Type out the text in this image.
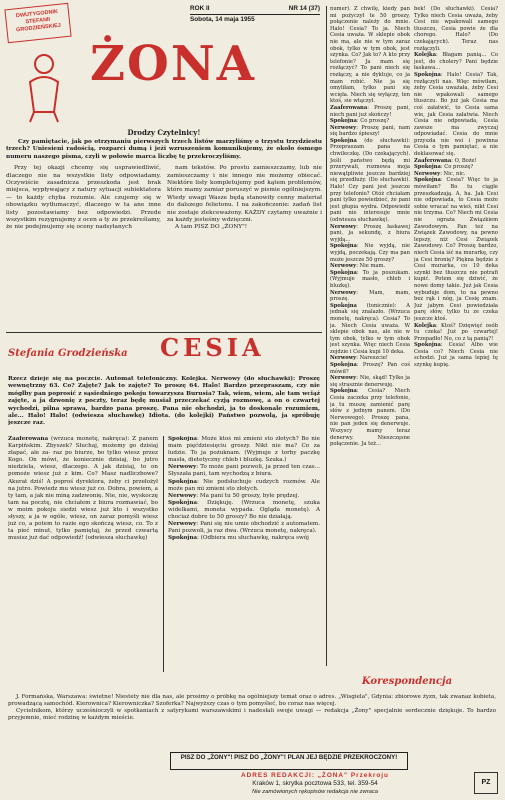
DWUTYGODNIK STEFANII GRODZIEŃSKIEJ
ŻONA
ROK II	NR 14 (37)
Sobota, 14 maja 1955
Drodzy Czytelnicy!

Czy pamiętacie, jak po otrzymaniu pierwszych trzech listów marzyliśmy o trzystu trzydziestu trzech? Uniesieni radością, rozparci dumą i jeżi wzruszeniem komunikujemy, że około ósmego numeru naszego pisma, czyli w połowie marca liczbę tę przekroczyliśmy.

Przy tej okazji chcemy się usprawiedliwić, dlaczego nie na wszystkie listy odpowiadamy. Oczywiście zasadnicza przeszkoda jest brak miejsca, wypływający z natury sytuacji subiektatora — to każdy chyba rozumie. Ale czujemy się w obowiązku wytłumaczyć, dlaczego w ta ane inne listy pozostawiamy bez odpowiedzi. Przede wszystkim rezygnujemy z ocen a ty ze przekreślamy, że nie podejmujemy się oceny nadsyłanych

nam tekstów. Po prostu zamieszczamy, lub nie zamieszczamy i nie innego nie możemy obiecać. Niektóre listy kompletujemy pod kątem problemów, które mamy zamiar poruszyć w pismie ogólniejszym. Wtedy uwagi Wasze będą stanowiły cenny materiał do dalszego felietonu. I na zakończenie: zadań list nie zostaje zlekceważony. KAŻDY czytamy uważnie i za każdy jesteśmy wdzięczni.

A tam PISZ DO „ŻONY"!

Stefania Grodzieńska CESIA
Rzecz dzieje się na poczcie. Automat telefoniczny. Kolejka. Nerwowy (do słuchawki): Proszę wewnętrzny 63. Co? Zajęte? Jak to zajęte? To proszę 64. Halo! Bardzo przepraszam, czy nie mógłby pan poprosić z sąsiedniego pokoju towarzysza Burusia? Tak, wiem, wiem, ale tam wciąż zajęte, a ja dzwonię z poczty, teraz będę musiał przeczekać cyzją rozmowę, a on o czwartej wychodzi, pilna sprawa, bardzo pana proszę. Pana nie obchodzi, ja to doskonale rozumiem, ale... Halo! Halo! (odwiesza słuchawkę) Idiota. (do kolejki) Państwo pozwolą, ja spróbuję jeszcze raz.

Zaaferowana (wrzuca monetę, nakręca): Z panem Karpińskim. Zbyszek? Słuchaj, możemy go dzisiaj złapać, ale za- raz po biurze, bo tylko wiesz przez Kogo. On mówi, że koniecznie dzisiaj, bo jutro niedziela, wiesz, dlaczego. A jak dzisiaj, to on pomoże wiesz już z kim. Co? Masz nadliczbowe? Akurat dziś! A poproś dyrektora, żeby ci przełożył na jutro. Powiedz mu wiesz już co. Dobra, powiem, a ty tam, a jak nie miną zadzwonię. Nie, nie, wyskoczę tam na pocztę, nie chciałem z biura rozmawiać, bo w moim pokoju siedzi wiesz już kto i wszystko słyszy, a ja w ogóle, wiesz, on zaraz pomyśli wiesz już co, a potem to razie ego skończą wiesz, co. To z ta pieć minut, tylko pamiętaj, że przed czwartą musisz już dać odpowiedź! (odwiesza słuchawkę)

Spokojna: Może ktoś mi zmieni sto złotych? Bo nie mam pięćdziesięciu groszy. Nikt nie ma? Co za ludzie. To ja pożuknam. (Wyjmuje z torby paczkę masła, dietetyczny chleb i bluzkę. Szuka.)

Nerwowy: To może pani pozwoli, ja przed ten czas... Słyszała pani, tam wychodzą z biura.

Spokojna: Nie podsłuchuje cudzych rozmów. Ale może pan mi zmieni sto złotych.

Nerwowy: Ma pani tu 50 groszy, byle prędzej.

Spokojna: Dziękuję. (Wrzuca monetę, szuka widelkami, moneta wypada. Ogląda monetę). A chociaż dobre to 50 groszy? Bo nie działają.

Nerwowy: Pani się nie umie obchodzić z automatem. Pani pozwoli, ja raz dwa. (Wrzuca monetę, nakręca).

Spokojna: (Odbiera mu słuchawkę, nakręca swój

numer). Z chwilę, kiedy pan mi pożyczył te 50 groszy, połączenie należy do mnie. Halo! Cesia? To ja. Niech Cesia uważa. W sklepie obok nie ma, ale nie w tym zaraz obok, tylko w tym obok, jest szynka. Co? Jak to? A kto przy telefonie? Ja mam się rozłączyć? To pani niech się rozłączy, a nie dyktuje, co ja mam robić. Nie ja się omyliłam, tylko pani się wcięła. Niech się wyłączy, ten ktoś, sie wtączył.

Zaaferowana: Proszę pani, niech pani już skończy!

Spokojna: Co proszę?

Nerwowy: Proszę pani, nam się bardzo śpieszy!

Spokojna (do słuchawki): Przepraszam pana na chwileczkę. (Do czekających). Jeśli państwo będą mi przerywali, rozmowa moja niewątpliwie jeszcze bardziej się przedłuży. (Do słuchawki). Halo! Czy pani jest jeszcze przy telefonie? Otóż chciałam pani tylko powiedzieć, że pani jest głupia wydra. Odpowiedź pani nie interesuje mnie (odwiesza słuchawkę).

Nerwowy: Proszę łaskawej pani, ja sekundę, z biura wyjdą...

Spokojna: Nie wyjdą, nie wyjdą, poczekają. Czy ma pan może jeszcze 50 groszy?

Nerwowy: Nie mam.

Spokojna: To ja poszukam. (Wyjmuje masło, chleb i bluzkę).

Nerwowy: Mam, mam, proszę.

Spokojna (tonicznie): A jednak się znalazło. (Wrzuca monetę, nakręca). Cesia? To ja. Niech Cesia uważa. W sklepie obok nas, ale nie w tym obok, tylko w tym obok jest szynka. Więc niech Cesia zejdzie i Cesia kupi 10 deka.

Nerwowy: Nareszcie!

Spokojna: Proszę? Pan coś mówił?

Nerwowy: Nie, skąd! Tylko ja się strasznie denerwuję.

Spokojna: Cesia? Niech Cesia zaczeka przy telefonie, ja tu muszę zamienić parę słów z jednym panem. (Do Nerwowego). Proszę pana, nie pan jeden się denerwuje. Wszyscy mamy teraz denerwy. Nieszczęsne połączenie. Ja też...

Korespondencja

J. Formańska, Warszawa: świetne! Niestety nie dla nas, ale prosimy o próbkę na ogólniejszy temat oraz o adres. „Wisgiela", Gdynia: zbiorowe żyzn, tak zwanaz kobieta, prowadzącą samochód. Kierownica? Kierowniczka? Szoferka? Najwyższy czas o tym pomyśleć, bo coraz nas więcej.

Cycielnikom, którzy ucześnioczyli w spotkaniach z satyrykami warszawskimi i nadesłali swoje uwagi — redakcja „Żony" specjalnie serdecznie dziękuje. To bardzo przyjemnie, mieć rodzinę w każdym mieście.

PISZ DO „ŻONY"! PISZ DO „ŻONY"! PLAN JEJ BĘDZIE PRZEKROCZONY!
ADRES REDAKCJI: „ŻONA" Przekroju
Kraków 1, skrytka pocztowa 533, tel. 359-54
Nie zamówionych rękopisów redakcja nie zwraca
PZ

bek! (Do słuchawki). Cesia? Tylko niech Cesia uważa, żeby Cesi nie wpakowali samego tłuszczu, Cesia powie że dla chorego. Halo? (Do czekających). Teraz nas rozłączyli.

Kolejka: Błagam panią... Co jest, do cholery? Pani będzie łaskawa...

Spokojna: Halo! Cesia? Tak, rozłączyli nas. Więc mówiłam, żeby Cesia uważała, żeby Cesi nie wpakowali samego tłuszczu. Bo już jak Cesia ma coś załatwić, to Cesia sama wie, jak Cesia załatwia. Niech Cesia nie odpowiada, Cesia zawsze ma zwyczaj odpowiadać. Cesia do mnie przyszła nie wsi i powinna Cesia o tym pamiętać, a nie deklasować się.

Zaaferowana: O, Boże!

Spokojna: Co proszę?

Nerwowy: Nic, nic.

Spokojna: Cesia? Więc to ja mówiłam? Bo tu ciągle przeszkadzają. A, ha. Jak Cesi nie odpowiada, to Cesia może sobie wracać na wieś, nikt Cesi nie trzyma. Co? Niech mi Cesia nie ograża Związkiem Zawodowym. Pan też na Związek Zawodowy, na pewno lepszy, niż Cesi Związek Zawodowy. Co? Proszę bardzo, niech Cesia iść na murarkę, czy ja Cesi bronię? Piękna będzie z Cesi murarka, co 10 deka szynki bez tłuszczu nie potrafi kupić. Potem się dziwić, że nowe domy takie. Już jak Cesia wybuduje dom, to na pewno bez rąk i nóg, ja Cesię znam. Już jabym Cesi powiedziała parę słów, tylko tu ze czeka jeszcze ktoś.

Kolejka: Ktoś? Dzięwięć osób tu czeka! Już po czwartej! Przepadło! No, co z tą panią?!

Spokojna: Cesia! Albo wie Cesia co? Niech Cesia nie schodzi. Już ja sama lepiej tę szynkę kupię.
